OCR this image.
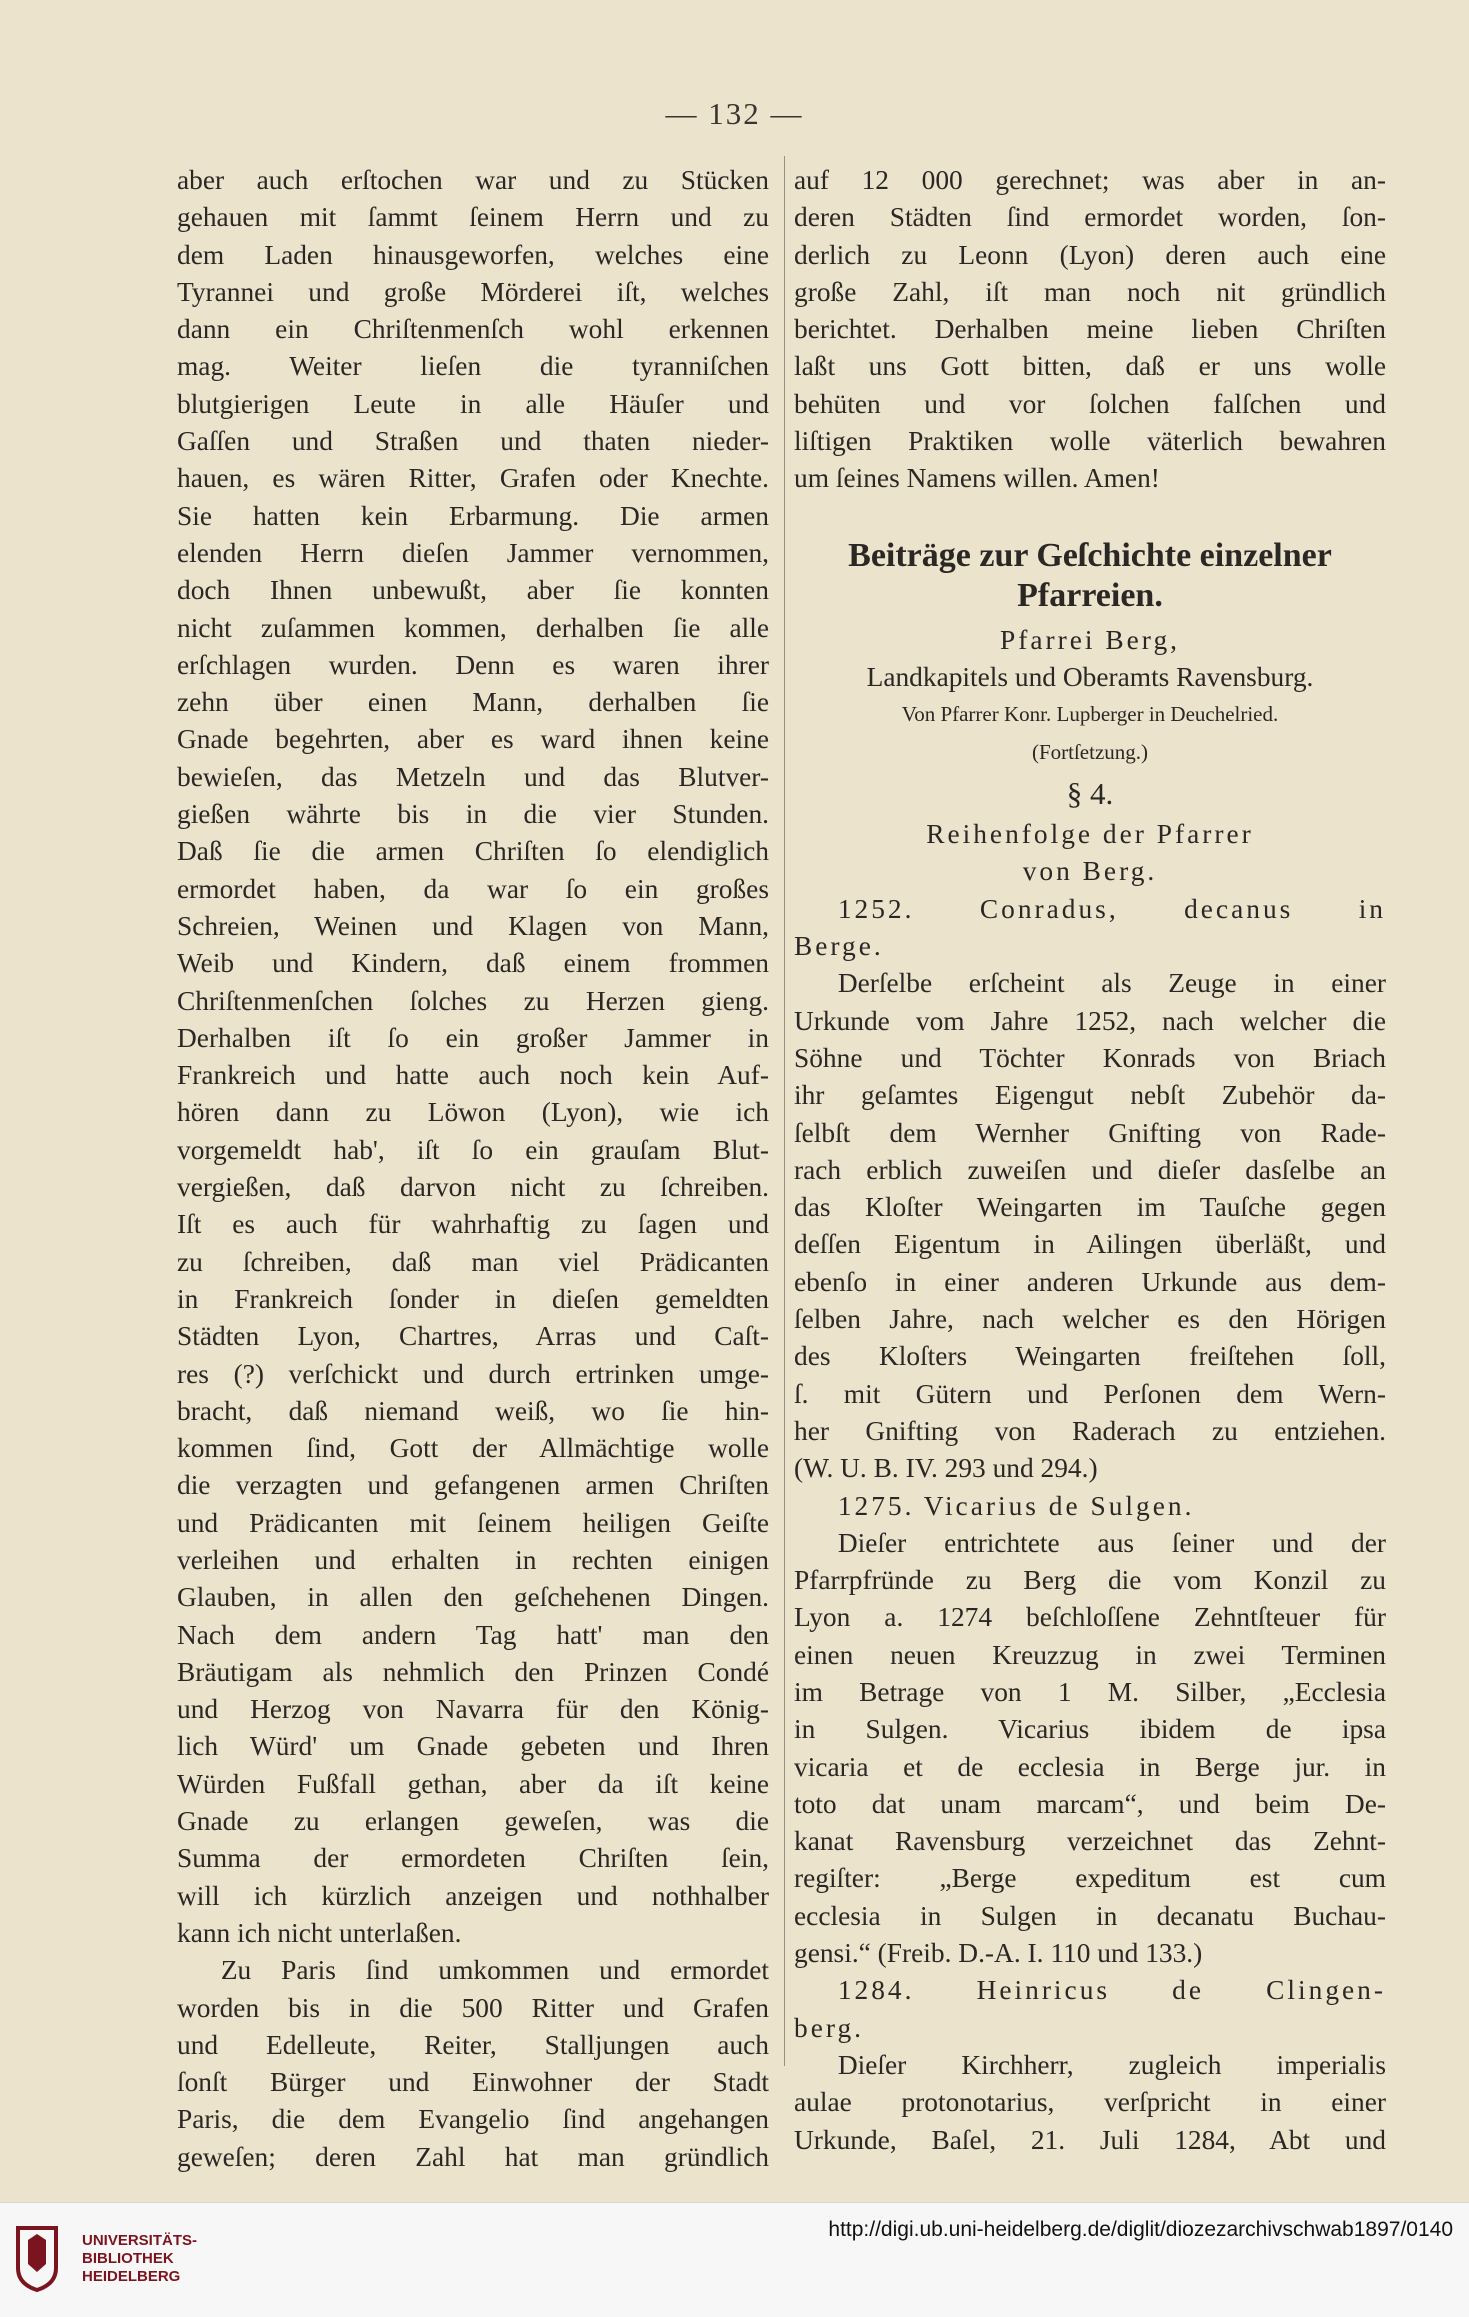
— 132 —

aber auch erſtochen war und zu Stücken

gehauen mit ſammt ſeinem Herrn und zu

dem Laden hinausgeworfen, welches eine

Tyrannei und große Mörderei iſt, welches

dann ein Chriſtenmenſch wohl erkennen

mag. Weiter lieſen die tyranniſchen

blutgierigen Leute in alle Häuſer und

Gaſſen und Straßen und thaten nieder-

hauen, es wären Ritter, Grafen oder Knechte.

Sie hatten kein Erbarmung. Die armen

elenden Herrn dieſen Jammer vernommen,

doch Ihnen unbewußt, aber ſie konnten

nicht zuſammen kommen, derhalben ſie alle

erſchlagen wurden. Denn es waren ihrer

zehn über einen Mann, derhalben ſie

Gnade begehrten, aber es ward ihnen keine

bewieſen, das Metzeln und das Blutver-

gießen währte bis in die vier Stunden.

Daß ſie die armen Chriſten ſo elendiglich

ermordet haben, da war ſo ein großes

Schreien, Weinen und Klagen von Mann,

Weib und Kindern, daß einem frommen

Chriſtenmenſchen ſolches zu Herzen gieng.

Derhalben iſt ſo ein großer Jammer in

Frankreich und hatte auch noch kein Auf-

hören dann zu Löwon (Lyon), wie ich

vorgemeldt hab', iſt ſo ein grauſam Blut-

vergießen, daß darvon nicht zu ſchreiben.

Iſt es auch für wahrhaftig zu ſagen und

zu ſchreiben, daß man viel Prädicanten

in Frankreich ſonder in dieſen gemeldten

Städten Lyon, Chartres, Arras und Caſt-

res (?) verſchickt und durch ertrinken umge-

bracht, daß niemand weiß, wo ſie hin-

kommen ſind, Gott der Allmächtige wolle

die verzagten und gefangenen armen Chriſten

und Prädicanten mit ſeinem heiligen Geiſte

verleihen und erhalten in rechten einigen

Glauben, in allen den geſchehenen Dingen.

Nach dem andern Tag hatt' man den

Bräutigam als nehmlich den Prinzen Condé

und Herzog von Navarra für den König-

lich Würd' um Gnade gebeten und Ihren

Würden Fußfall gethan, aber da iſt keine

Gnade zu erlangen geweſen, was die

Summa der ermordeten Chriſten ſein,

will ich kürzlich anzeigen und nothhalber

kann ich nicht unterlaßen.

Zu Paris ſind umkommen und ermordet

worden bis in die 500 Ritter und Grafen

und Edelleute, Reiter, Stalljungen auch

ſonſt Bürger und Einwohner der Stadt

Paris, die dem Evangelio ſind angehangen

geweſen; deren Zahl hat man gründlich

auf 12 000 gerechnet; was aber in an-

deren Städten ſind ermordet worden, ſon-

derlich zu Leonn (Lyon) deren auch eine

große Zahl, iſt man noch nit gründlich

berichtet. Derhalben meine lieben Chriſten

laßt uns Gott bitten, daß er uns wolle

behüten und vor ſolchen falſchen und

liſtigen Praktiken wolle väterlich bewahren

um ſeines Namens willen. Amen!

Beiträge zur Geſchichte einzelner

Pfarreien.

Pfarrei Berg,

Landkapitels und Oberamts Ravensburg.

Von Pfarrer Konr. Lupberger in Deuchelried.

(Fortſetzung.)

§ 4.

Reihenfolge der Pfarrer

von Berg.

1252. Conradus, decanus in

Berge.

Derſelbe erſcheint als Zeuge in einer

Urkunde vom Jahre 1252, nach welcher die

Söhne und Töchter Konrads von Briach

ihr geſamtes Eigengut nebſt Zubehör da-

ſelbſt dem Wernher Gnifting von Rade-

rach erblich zuweiſen und dieſer dasſelbe an

das Kloſter Weingarten im Tauſche gegen

deſſen Eigentum in Ailingen überläßt, und

ebenſo in einer anderen Urkunde aus dem-

ſelben Jahre, nach welcher es den Hörigen

des Kloſters Weingarten freiſtehen ſoll,

ſ. mit Gütern und Perſonen dem Wern-

her Gnifting von Raderach zu entziehen.

(W. U. B. IV. 293 und 294.)

1275. Vicarius de Sulgen.

Dieſer entrichtete aus ſeiner und der

Pfarrpfründe zu Berg die vom Konzil zu

Lyon a. 1274 beſchloſſene Zehntſteuer für

einen neuen Kreuzzug in zwei Terminen

im Betrage von 1 M. Silber, „Ecclesia

in Sulgen. Vicarius ibidem de ipsa

vicaria et de ecclesia in Berge jur. in

toto dat unam marcam“, und beim De-

kanat Ravensburg verzeichnet das Zehnt-

regiſter: „Berge expeditum est cum

ecclesia in Sulgen in decanatu Buchau-

gensi.“ (Freib. D.-A. I. 110 und 133.)

1284. Heinricus de Clingen-

berg.

Dieſer Kirchherr, zugleich imperialis

aulae protonotarius, verſpricht in einer

Urkunde, Baſel, 21. Juli 1284, Abt und

UNIVERSITÄTS-
BIBLIOTHEK
HEIDELBERG
http://digi.ub.uni-heidelberg.de/diglit/diozezarchivschwab1897/0140
